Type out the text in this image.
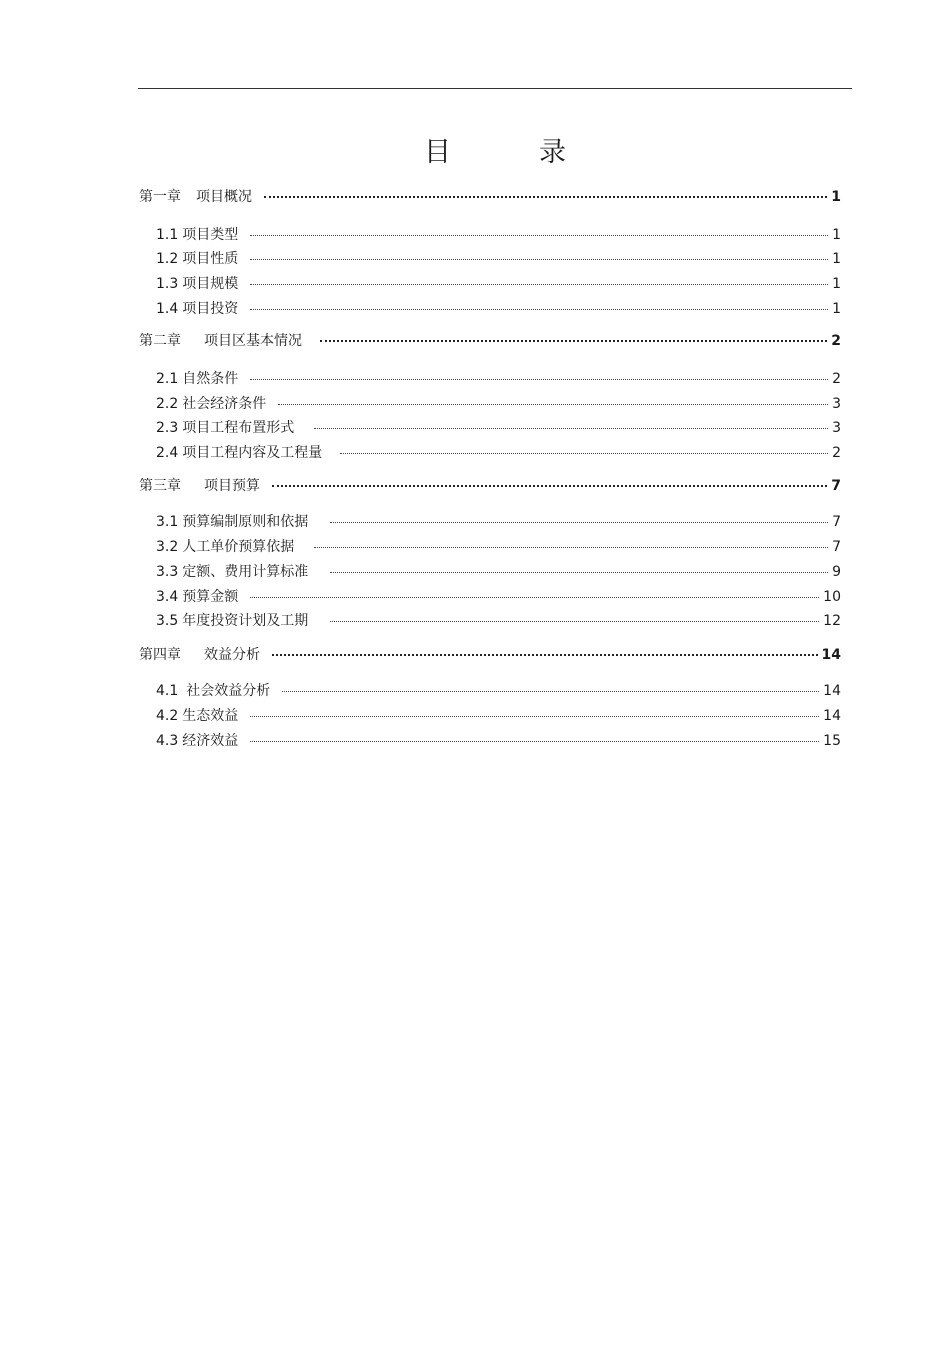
目	录
第一章 项目概况	1
1.1 项目类型	1
1.2 项目性质	1
1.3 项目规模	1
1.4 项目投资	1
第二章 项目区基本情况	2
2.1 自然条件	2
2.2 社会经济条件	3
2.3 项目工程布置形式	3
2.4 项目工程内容及工程量	2
第三章 项目预算	7
3.1 预算编制原则和依据	7
3.2 人工单价预算依据	7
3.3 定额、费用计算标准	9
3.4 预算金额	10
3.5 年度投资计划及工期	12
第四章 效益分析	14
4.1 社会效益分析	14
4.2 生态效益	14
4.3 经济效益	15
